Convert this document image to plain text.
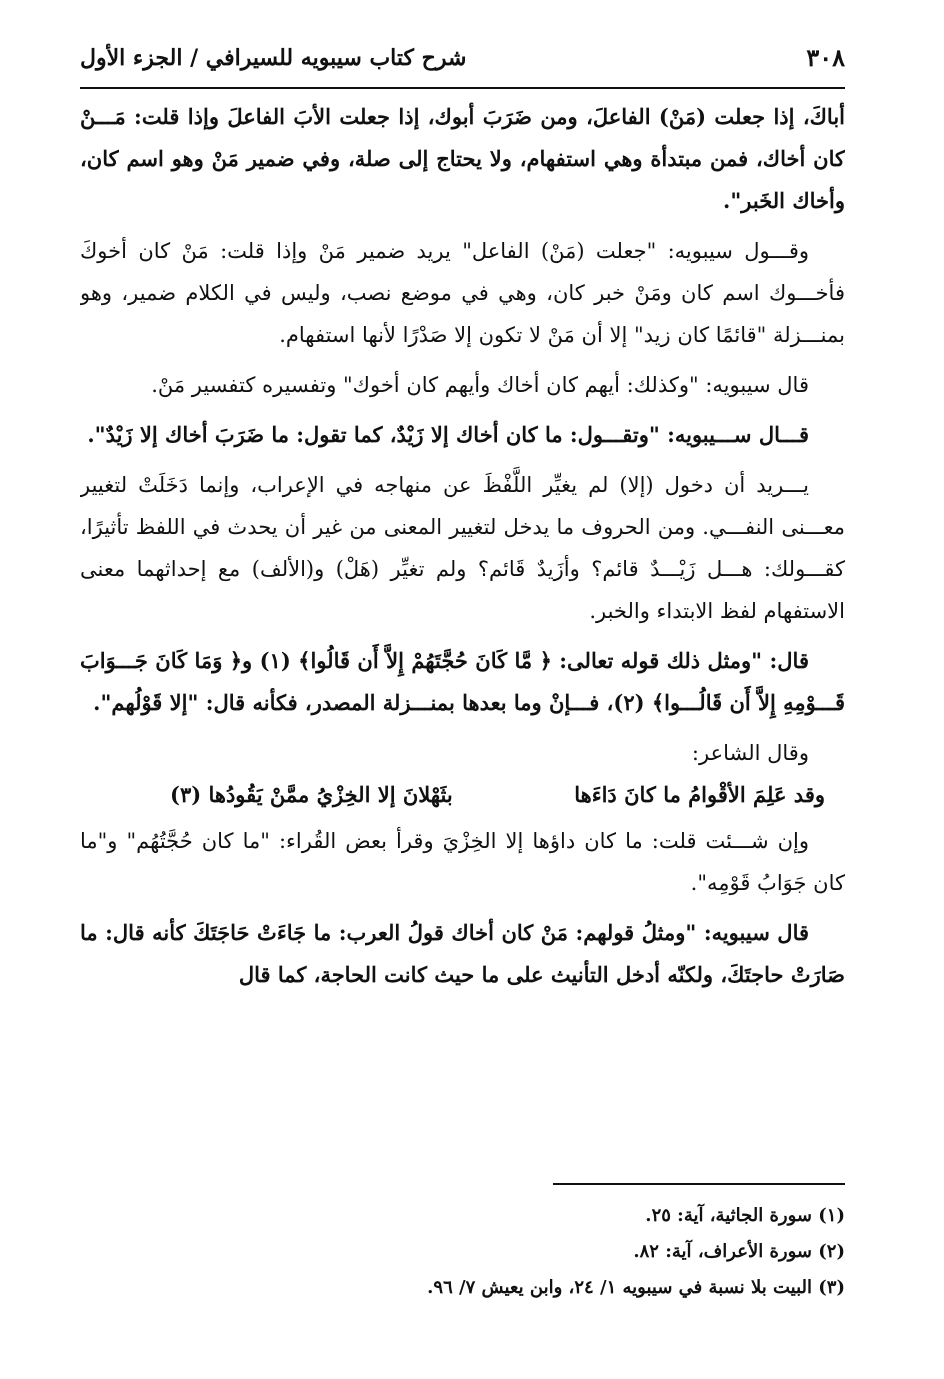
٣٠٨
شرح كتاب سيبويه للسيرافي / الجزء الأول

أباكَ، إذا جعلت (مَنْ) الفاعلَ، ومن ضَرَبَ أبوك، إذا جعلت الأبَ الفاعلَ وإذا قلت: مَـــنْ كان أخاك، فمن مبتدأة وهي استفهام، ولا يحتاج إلى صلة، وفي ضمير مَنْ وهو اسم كان، وأخاك الخَبر".

وقـــول سيبويه: "جعلت (مَنْ) الفاعل" يريد ضمير مَنْ وإذا قلت: مَنْ كان أخوكَ فأخـــوك اسم كان ومَنْ خبر كان، وهي في موضع نصب، وليس في الكلام ضمير، وهو بمنـــزلة "قائمًا كان زيد" إلا أن مَنْ لا تكون إلا صَدْرًا لأنها استفهام.

قال سيبويه: "وكذلك: أيهم كان أخاك وأيهم كان أخوك" وتفسيره كتفسير مَنْ.

قـــال ســـيبويه: "وتقـــول: ما كان أخاك إلا زَيْدٌ، كما تقول: ما ضَرَبَ أخاك إلا زَيْدٌ".

يـــريد أن دخول (إلا) لم يغيِّر اللَّفْظَ عن منهاجه في الإعراب، وإنما دَخَلَتْ لتغيير معـــنى النفـــي. ومن الحروف ما يدخل لتغيير المعنى من غير أن يحدث في اللفظ تأثيرًا، كقـــولك: هـــل زَيْـــدٌ قائم؟ وأزَيدٌ قَائم؟ ولم تغيِّر (هَلْ) و(الألف) مع إحداثهما معنى الاستفهام لفظ الابتداء والخبر.

قال: "ومثل ذلك قوله تعالى: ﴿ مَّا كَانَ حُجَّتَهُمْ إِلاَّ أَن قَالُوا﴾ (١) و﴿ وَمَا كَانَ جَـــوَابَ قَـــوْمِهِ إِلاَّ أَن قَالُـــوا﴾ (٢)، فـــإنْ وما بعدها بمنـــزلة المصدر، فكأنه قال: "إلا قَوْلُهم".

وقال الشاعر:

وقد عَلِمَ الأقْوامُ ما كانَ دَاءَها
بثَهْلانَ إلا الخِزْيُ ممَّنْ يَقُودُها (٣)

وإن شـــئت قلت: ما كان داؤها إلا الخِزْيَ وقرأ بعض القُراء: "ما كان حُجَّتُهُم" و"ما كان جَوَابُ قَوْمِه".

قال سيبويه: "ومثلُ قولهم: مَنْ كان أخاك قولُ العرب: ما جَاءَتْ حَاجَتَكَ كأنه قال: ما صَارَتْ حاجتَكَ، ولكنّه أدخل التأنيث على ما حيث كانت الحاجة، كما قال

(١) سورة الجاثية، آية: ٢٥.
(٢) سورة الأعراف، آية: ٨٢.
(٣) البيت بلا نسبة في سيبويه ١/ ٢٤، وابن يعيش ٧/ ٩٦.
